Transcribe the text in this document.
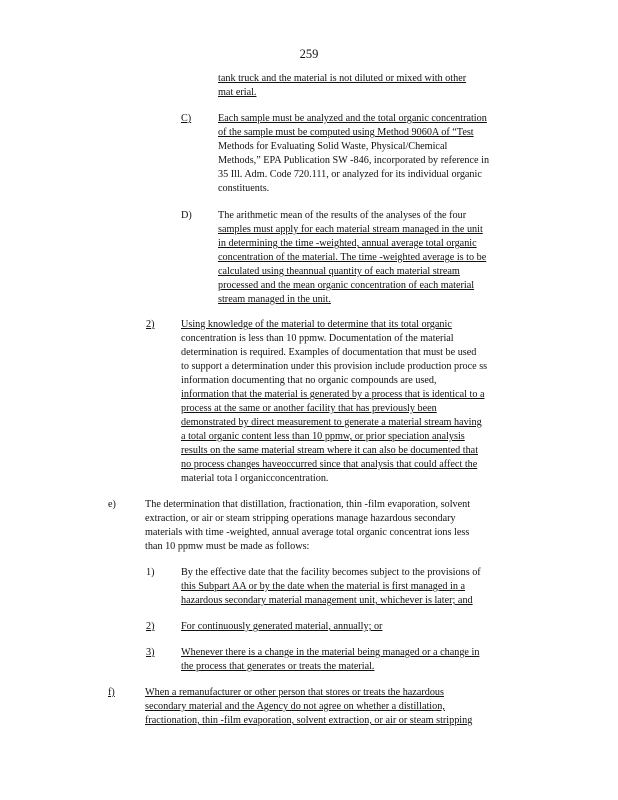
259
tank truck and the material is not diluted or mixed with other
mat erial.
C)	Each sample must be analyzed and the total organic concentration
of the sample must be computed using Method 9060A of “Test
Methods for Evaluating Solid Waste, Physical/Chemical
Methods,” EPA Publication SW -846, incorporated by reference in
35 Ill. Adm. Code 720.111, or analyzed for its individual organic
constituents.
D)	The arithmetic mean of the results of the analyses of the four
samples must apply for each material stream managed in the unit
in determining the time -weighted, annual average total organic
concentration of the material. The time -weighted average is to be
calculated using theannual quantity of each material stream
processed and the mean organic concentration of each material
stream managed in the unit.
2)	Using knowledge of the material to determine that its total organic
concentration is less than 10 ppmw. Documentation of the material
determination is required. Examples of documentation that must be used
to support a determination under this provision include production proce ss
information documenting that no organic compounds are used,
information that the material is generated by a process that is identical to a
process at the same or another facility that has previously been
demonstrated by direct measurement to generate a material stream having
a total organic content less than 10 ppmw, or prior speciation analysis
results on the same material stream where it can also be documented that
no process changes haveoccurred since that analysis that could affect the
material tota l organicconcentration.
e)	The determination that distillation, fractionation, thin -film evaporation, solvent
extraction, or air or steam stripping operations manage hazardous secondary
materials with time -weighted, annual average total organic concentrat ions less
than 10 ppmw must be made as follows:
1)	By the effective date that the facility becomes subject to the provisions of
this Subpart AA or by the date when the material is first managed in a
hazardous secondary material management unit, whichever is later; and
2)	For continuously generated material, annually; or
3)	Whenever there is a change in the material being managed or a change in
the process that generates or treats the material.
f)	When a remanufacturer or other person that stores or treats the hazardous
secondary material and the Agency do not agree on whether a distillation,
fractionation, thin -film evaporation, solvent extraction, or air or steam stripping
